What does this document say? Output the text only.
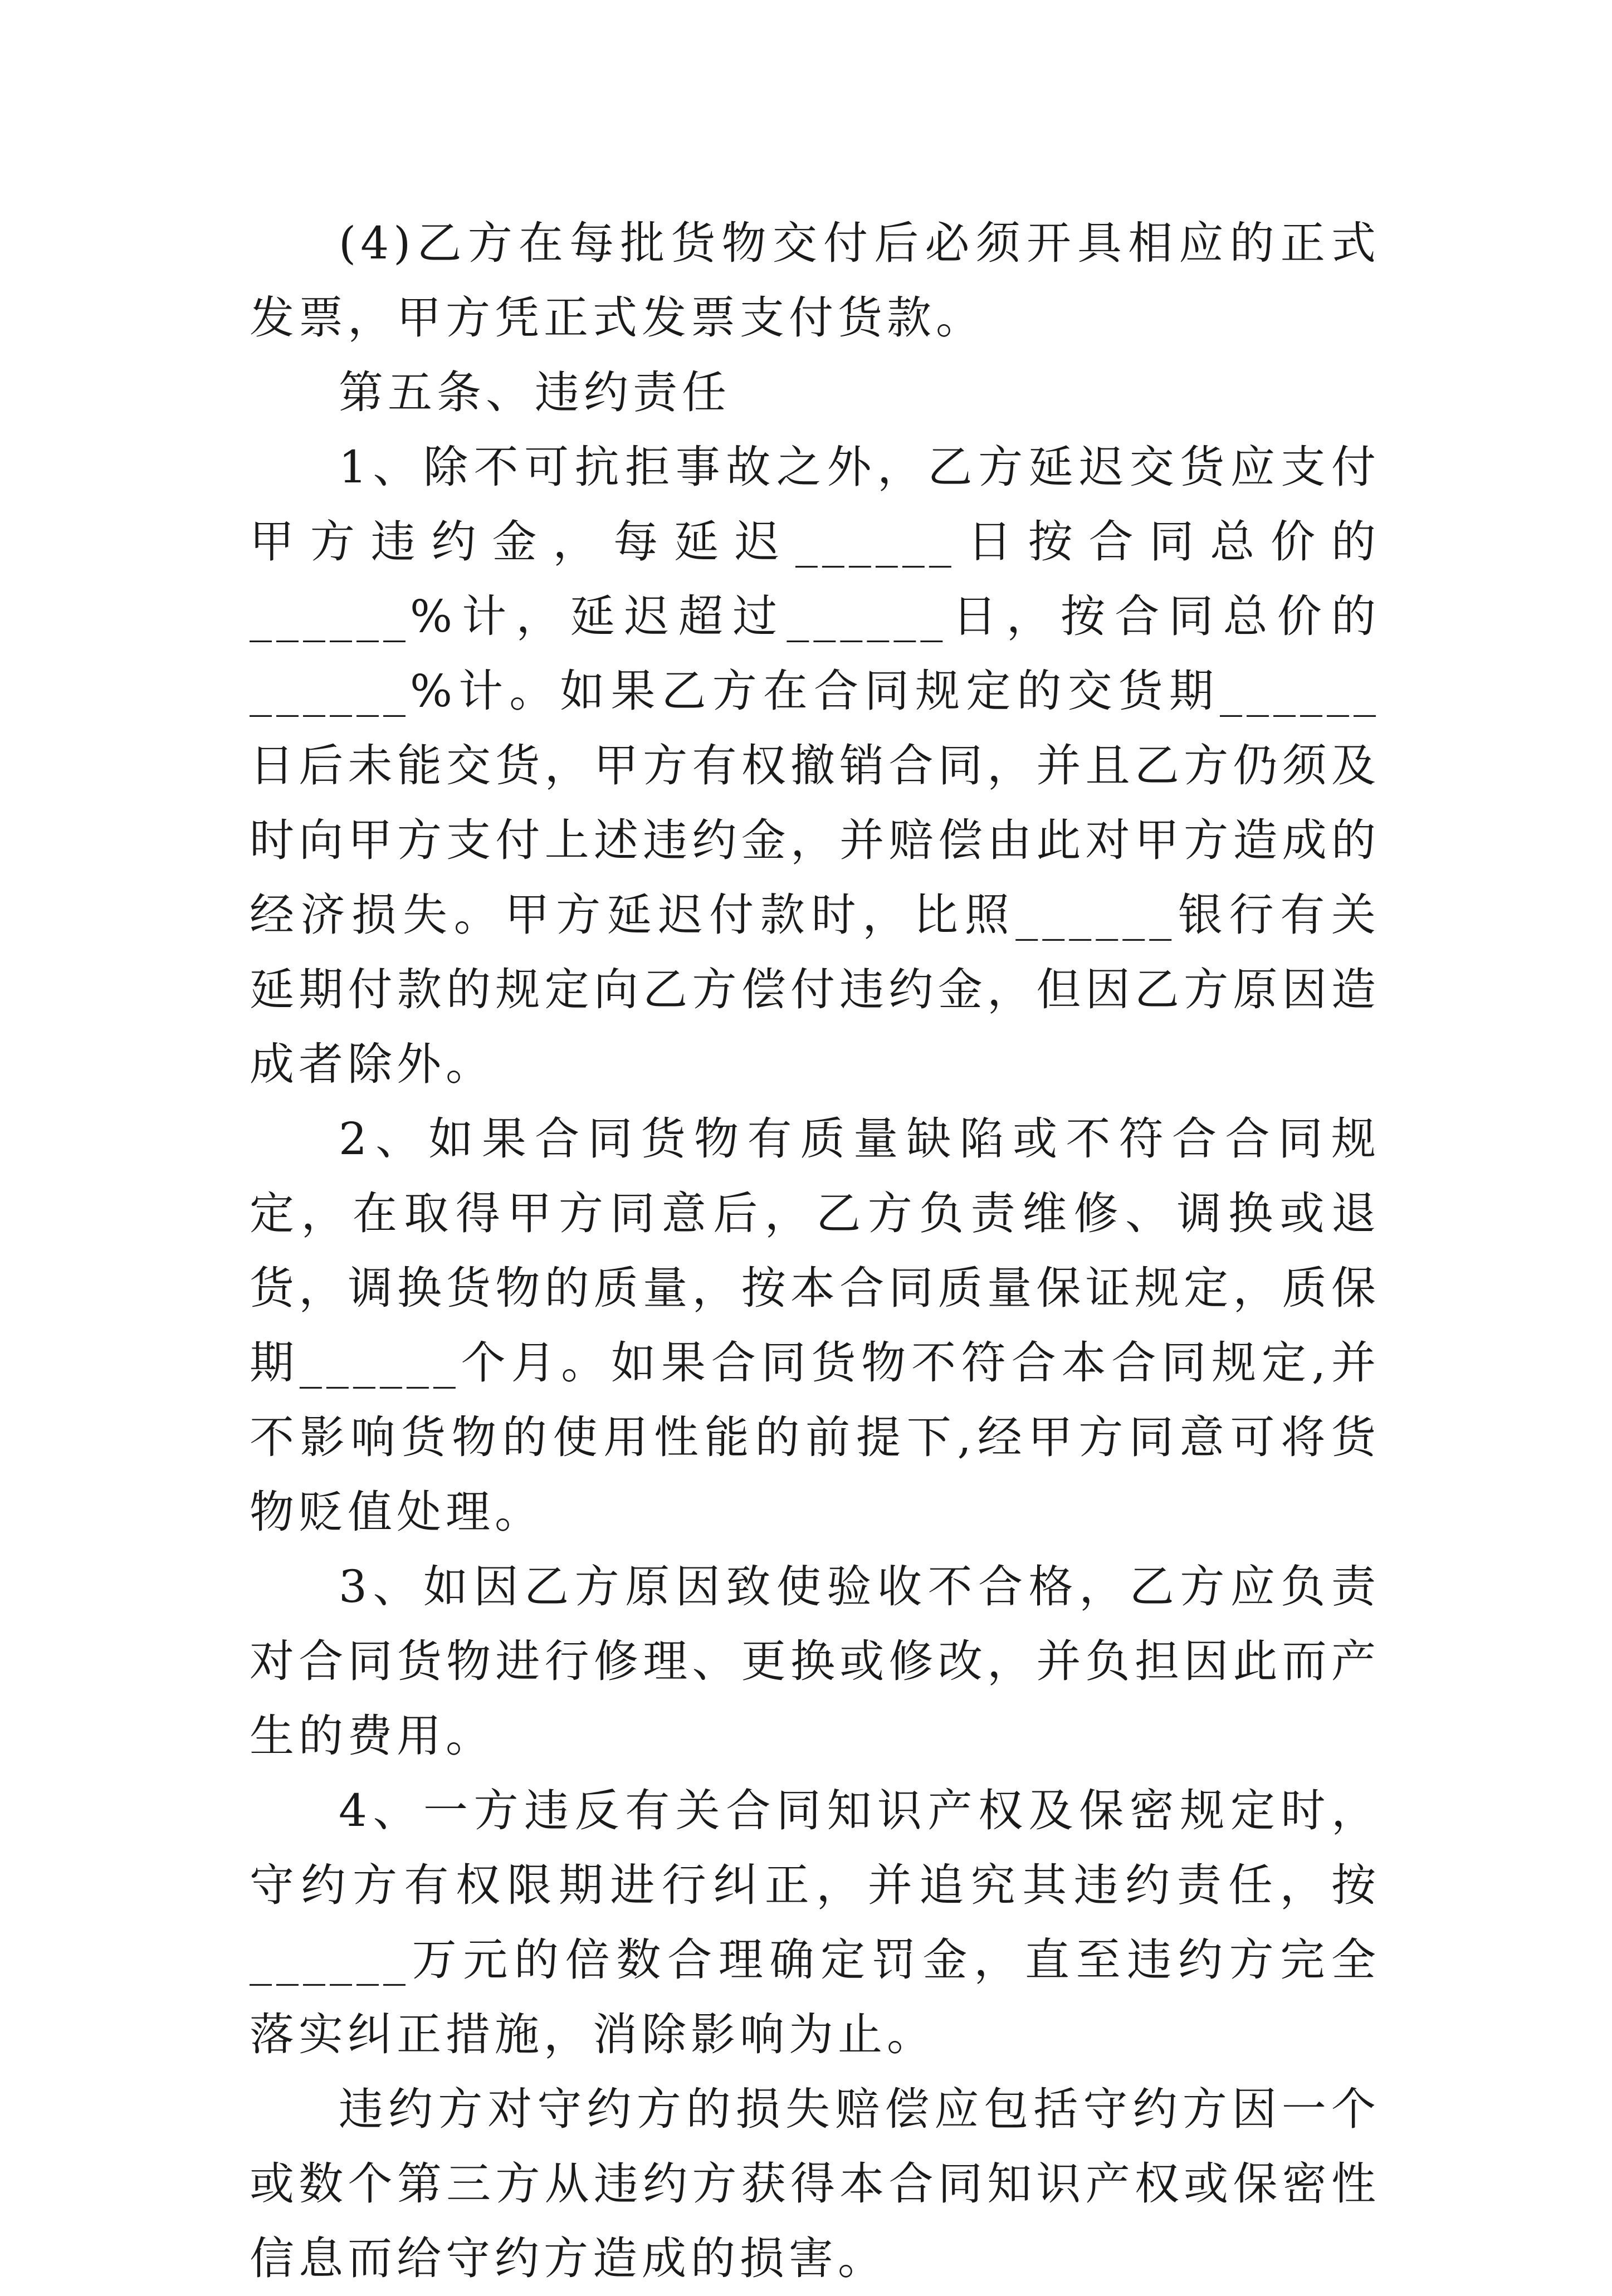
(4)乙方在每批货物交付后必须开具相应的正式发票，甲方凭正式发票支付货款。

第五条、违约责任

1、除不可抗拒事故之外，乙方延迟交货应支付甲方违约金，每延迟______日按合同总价的______%计，延迟超过______日，按合同总价的______%计。如果乙方在合同规定的交货期______日后未能交货，甲方有权撤销合同，并且乙方仍须及时向甲方支付上述违约金，并赔偿由此对甲方造成的经济损失。甲方延迟付款时，比照______银行有关延期付款的规定向乙方偿付违约金，但因乙方原因造成者除外。

2、如果合同货物有质量缺陷或不符合合同规定，在取得甲方同意后，乙方负责维修、调换或退货，调换货物的质量，按本合同质量保证规定，质保期______个月。如果合同货物不符合本合同规定,并不影响货物的使用性能的前提下,经甲方同意可将货物贬值处理。

3、如因乙方原因致使验收不合格，乙方应负责对合同货物进行修理、更换或修改，并负担因此而产生的费用。

4、一方违反有关合同知识产权及保密规定时，守约方有权限期进行纠正，并追究其违约责任，按______万元的倍数合理确定罚金，直至违约方完全落实纠正措施，消除影响为止。

违约方对守约方的损失赔偿应包括守约方因一个或数个第三方从违约方获得本合同知识产权或保密性信息而给守约方造成的损害。
